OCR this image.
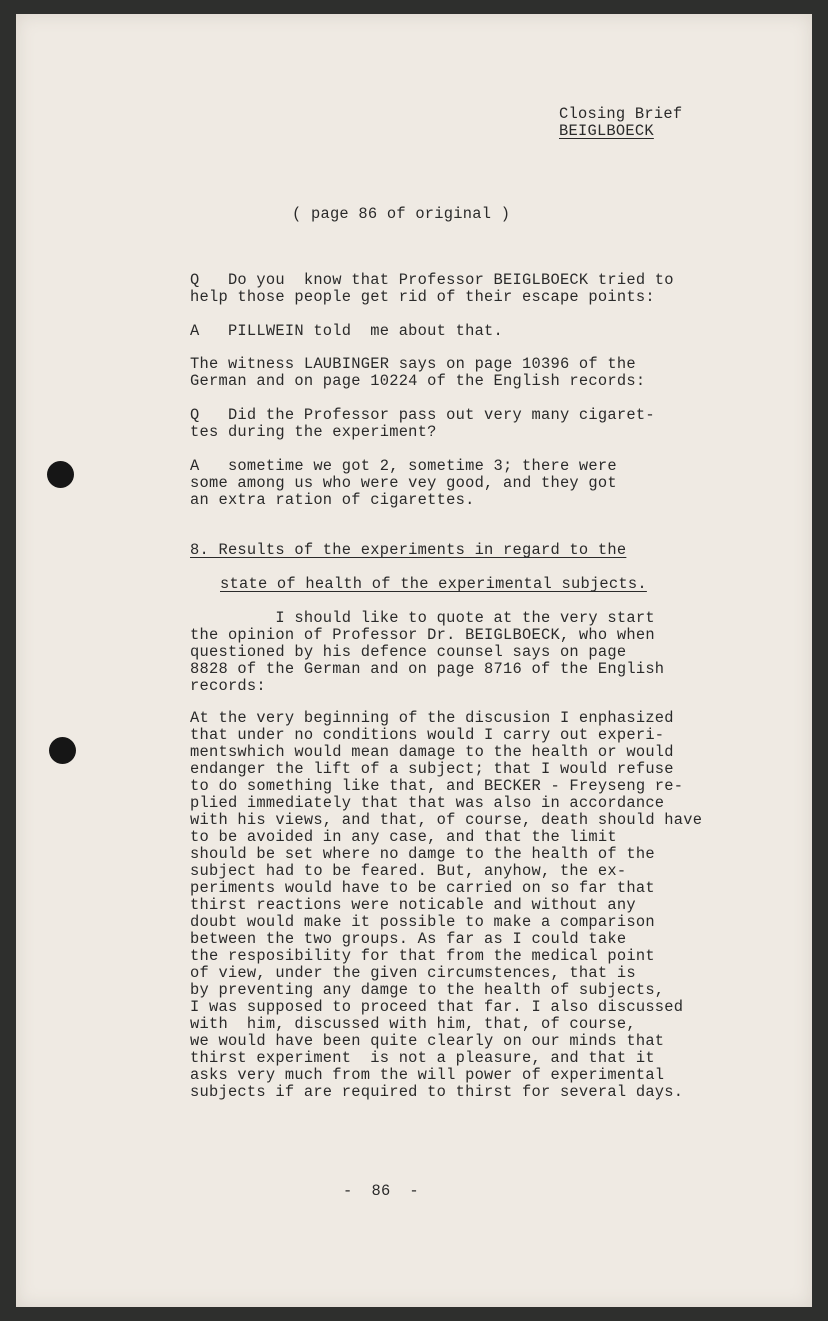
Closing Brief
BEIGLBOECK

( page 86 of original )

Q   Do you  know that Professor BEIGLBOECK tried to
help those people get rid of their escape points:

A   PILLWEIN told  me about that.

The witness LAUBINGER says on page 10396 of the
German and on page 10224 of the English records:

Q   Did the Professor pass out very many cigaret-
tes during the experiment?

A   sometime we got 2, sometime 3; there were
some among us who were vey good, and they got
an extra ration of cigarettes.

8. Results of the experiments in regard to the

state of health of the experimental subjects.

I should like to quote at the very start
the opinion of Professor Dr. BEIGLBOECK, who when
questioned by his defence counsel says on page
8828 of the German and on page 8716 of the English
records:

At the very beginning of the discusion I enphasized
that under no conditions would I carry out experi-
mentswhich would mean damage to the health or would
endanger the lift of a subject; that I would refuse
to do something like that, and BECKER - Freyseng re-
plied immediately that that was also in accordance
with his views, and that, of course, death should have
to be avoided in any case, and that the limit
should be set where no damge to the health of the
subject had to be feared. But, anyhow, the ex-
periments would have to be carried on so far that
thirst reactions were noticable and without any
doubt would make it possible to make a comparison
between the two groups. As far as I could take
the resposibility for that from the medical point
of view, under the given circumstences, that is
by preventing any damge to the health of subjects,
I was supposed to proceed that far. I also discussed
with  him, discussed with him, that, of course,
we would have been quite clearly on our minds that
thirst experiment  is not a pleasure, and that it
asks very much from the will power of experimental
subjects if are required to thirst for several days.

-  86  -
